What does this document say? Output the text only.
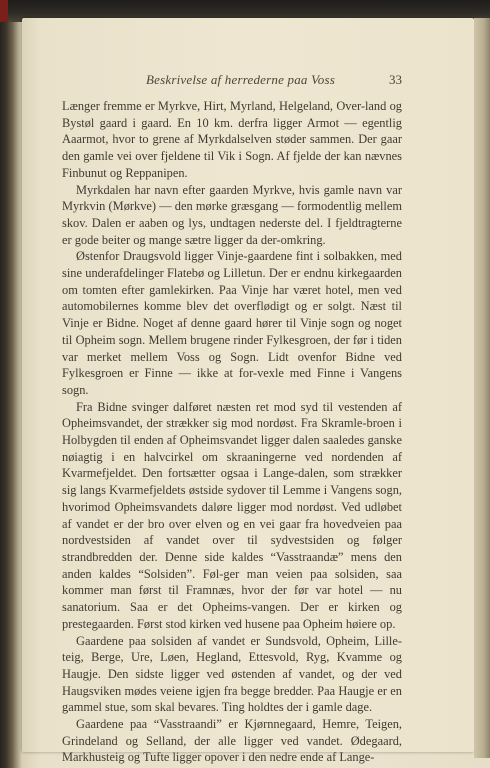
Beskrivelse af herrederne paa Voss	33

Længer fremme er Myrkve, Hirt, Myrland, Helgeland, Over-land og Bystøl gaard i gaard. En 10 km. derfra ligger Armot — egentlig Aaarmot, hvor to grene af Myrkdalselven støder sammen. Der gaar den gamle vei over fjeldene til Vik i Sogn. Af fjelde der kan nævnes Finbunut og Reppanipen.

Myrkdalen har navn efter gaarden Myrkve, hvis gamle navn var Myrkvin (Mørkve) — den mørke græsgang — formodentlig mellem skov. Dalen er aaben og lys, undtagen nederste del. I fjeldtragterne er gode beiter og mange sætre ligger da der-omkring.

Østenfor Draugsvold ligger Vinje-gaardene fint i solbakken, med sine underafdelinger Flatebø og Lilletun. Der er endnu kirkegaarden om tomten efter gamlekirken. Paa Vinje har været hotel, men ved automobilernes komme blev det overflødigt og er solgt. Næst til Vinje er Bidne. Noget af denne gaard hører til Vinje sogn og noget til Opheim sogn. Mellem brugene rinder Fylkesgroen, der før i tiden var merket mellem Voss og Sogn. Lidt ovenfor Bidne ved Fylkesgroen er Finne — ikke at for-vexle med Finne i Vangens sogn.

Fra Bidne svinger dalføret næsten ret mod syd til vestenden af Opheimsvandet, der strækker sig mod nordøst. Fra Skramle-broen i Holbygden til enden af Opheimsvandet ligger dalen saaledes ganske nøiagtig i en halvcirkel om skraaningerne ved nordenden af Kvarmefjeldet. Den fortsætter ogsaa i Lange-dalen, som strækker sig langs Kvarmefjeldets østside sydover til Lemme i Vangens sogn, hvorimod Opheimsvandets daløre ligger mod nordøst. Ved udløbet af vandet er der bro over elven og en vei gaar fra hovedveien paa nordvestsiden af vandet over til sydvestsiden og følger strandbredden der. Denne side kaldes “Vasstraandæ” mens den anden kaldes “Solsiden”. Føl-ger man veien paa solsiden, saa kommer man først til Framnæs, hvor der før var hotel — nu sanatorium. Saa er det Opheims-vangen. Der er kirken og prestegaarden. Først stod kirken ved husene paa Opheim høiere op.

Gaardene paa solsiden af vandet er Sundsvold, Opheim, Lille-teig, Berge, Ure, Løen, Hegland, Ettesvold, Ryg, Kvamme og Haugje. Den sidste ligger ved østenden af vandet, og der ved Haugsviken mødes veiene igjen fra begge bredder. Paa Haugje er en gammel stue, som skal bevares. Ting holdtes der i gamle dage.

Gaardene paa “Vasstraandi” er Kjørnnegaard, Hemre, Teigen, Grindeland og Selland, der alle ligger ved vandet. Ødegaard, Markhusteig og Tufte ligger opover i den nedre ende af Lange-
